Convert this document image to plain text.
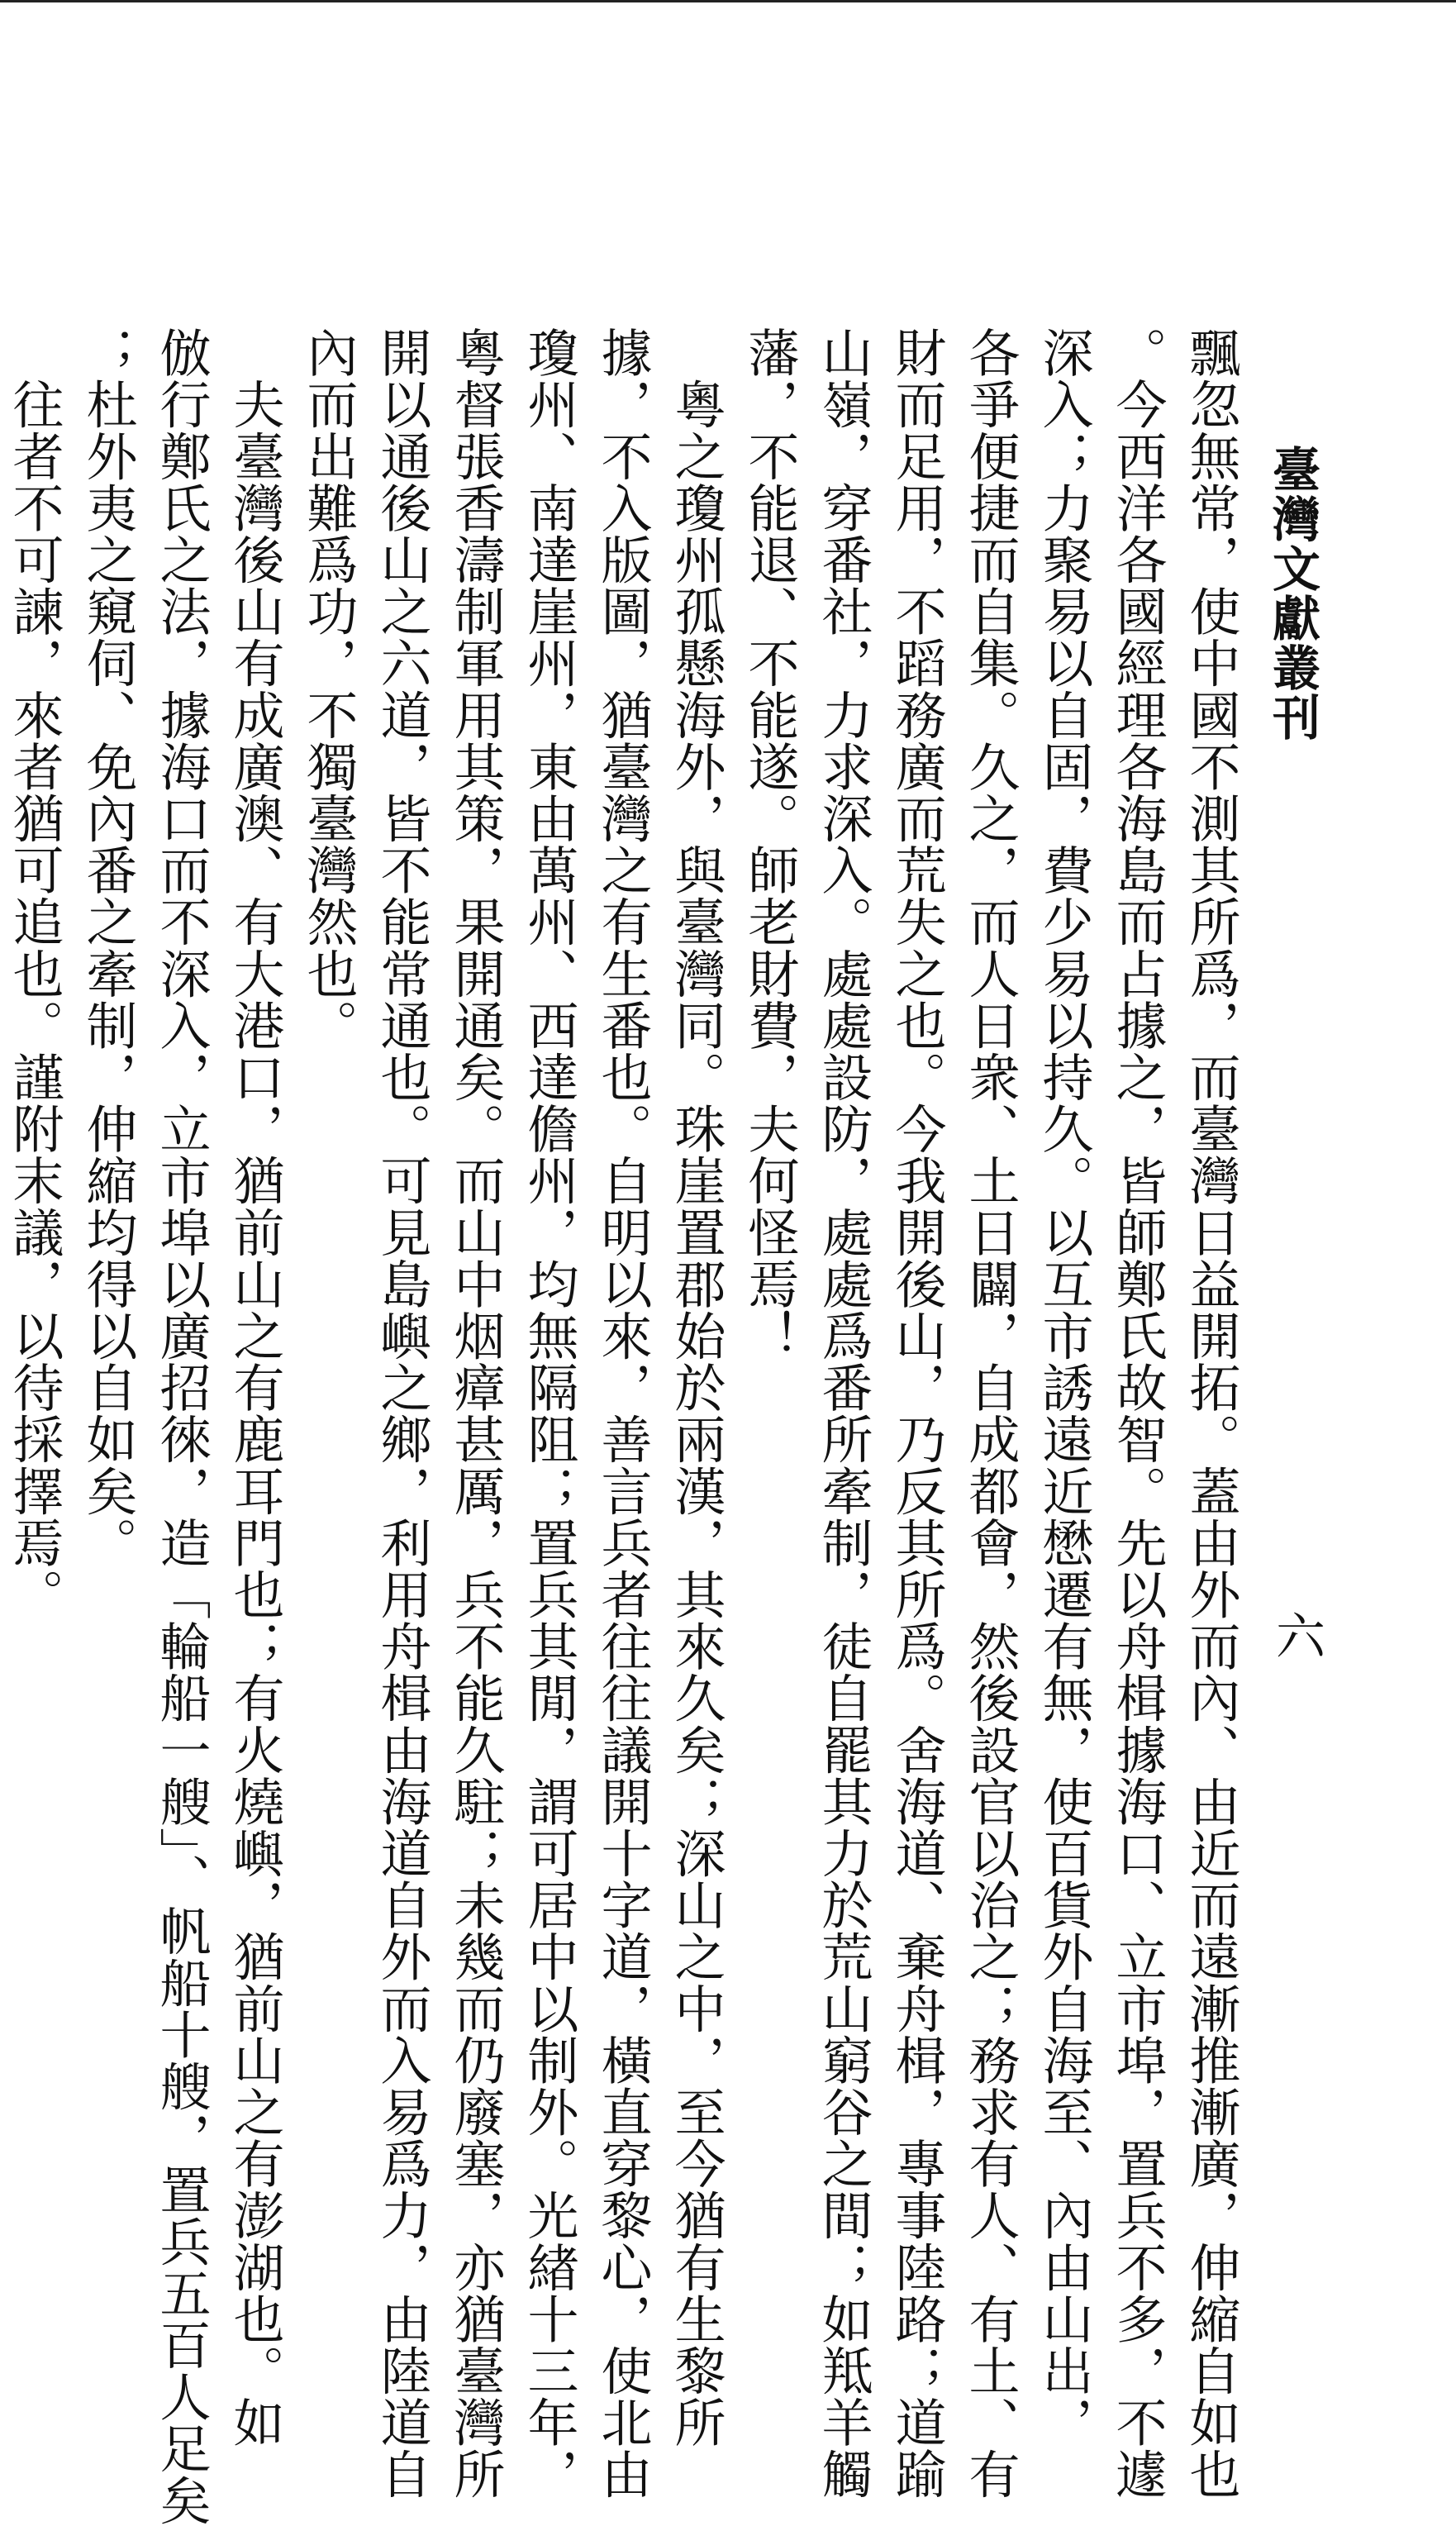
臺灣文獻叢刊
六

飄忽無常，使中國不測其所爲，而臺灣日益開拓。蓋由外而內、由近而遠漸推漸廣，伸縮自如也
。今西洋各國經理各海島而占據之，皆師鄭氏故智。先以舟楫據海口、立市埠，置兵不多，不遽
深入；力聚易以自固，費少易以持久。以互市誘遠近懋遷有無，使百貨外自海至、內由山出，
各爭便捷而自集。久之，而人日衆、土日闢，自成都會，然後設官以治之；務求有人、有土、有
財而足用，不蹈務廣而荒失之也。今我開後山，乃反其所爲。舍海道、棄舟楫，專事陸路；道踰
山嶺，穿番社，力求深入。處處設防，處處爲番所牽制，徒自罷其力於荒山窮谷之間；如羝羊觸
藩，不能退、不能遂。師老財費，夫何怪焉！

　粵之瓊州孤懸海外，與臺灣同。珠崖置郡始於兩漢，其來久矣；深山之中，至今猶有生黎所
據，不入版圖，猶臺灣之有生番也。自明以來，善言兵者往往議開十字道，橫直穿黎心，使北由
瓊州、南達崖州，東由萬州、西達儋州，均無隔阻；置兵其閒，謂可居中以制外。光緖十三年，
粵督張香濤制軍用其策，果開通矣。而山中烟瘴甚厲，兵不能久駐；未幾而仍廢塞，亦猶臺灣所
開以通後山之六道，皆不能常通也。可見島嶼之鄉，利用舟楫由海道自外而入易爲力，由陸道自
內而出難爲功，不獨臺灣然也。

　夫臺灣後山有成廣澳、有大港口，猶前山之有鹿耳門也；有火燒嶼，猶前山之有澎湖也。如
倣行鄭氏之法，據海口而不深入，立市埠以廣招徠，造「輪船一艘」、帆船十艘，置兵五百人足矣
；杜外夷之窺伺、免內番之牽制，伸縮均得以自如矣。

　往者不可諫，來者猶可追也。謹附末議，以待採擇焉。
